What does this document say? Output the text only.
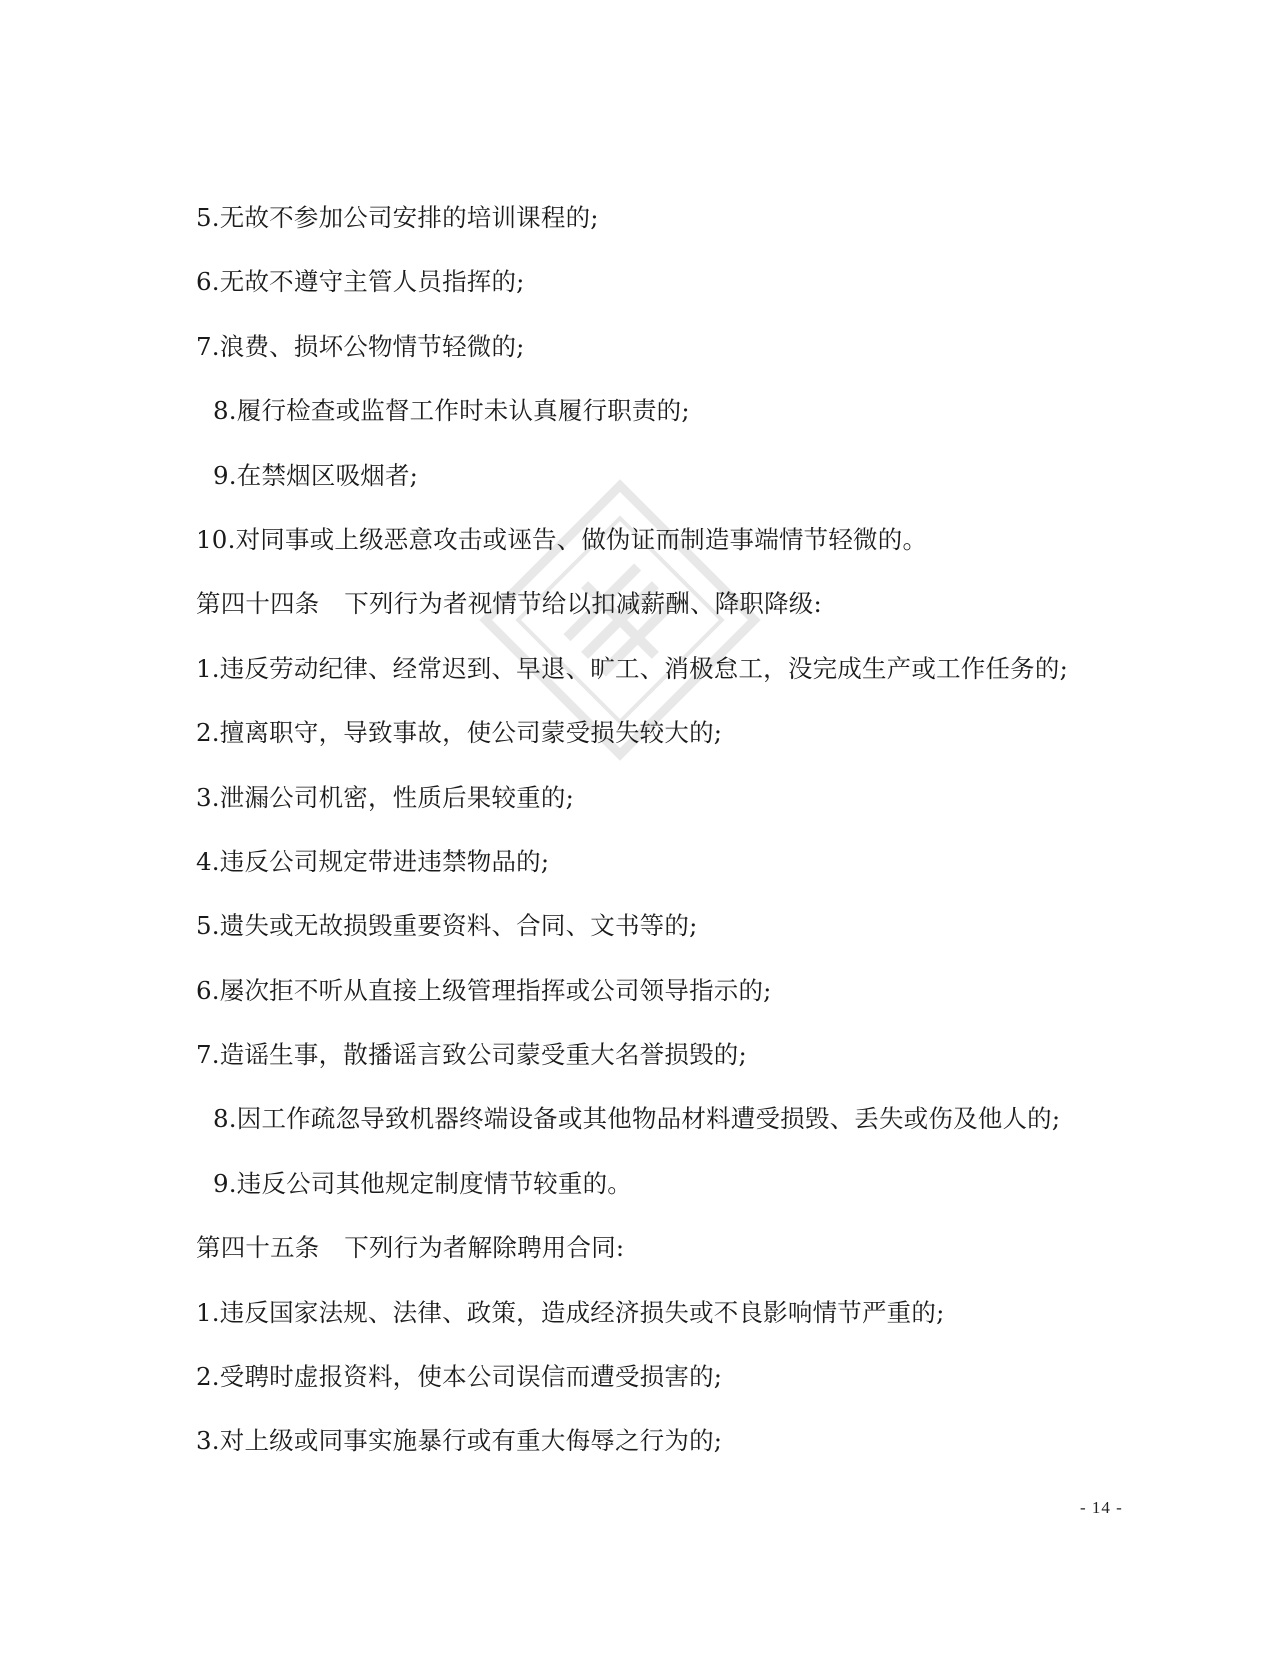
5.无故不参加公司安排的培训课程的;
6.无故不遵守主管人员指挥的;
7.浪费、损坏公物情节轻微的;
8.履行检查或监督工作时未认真履行职责的;
9.在禁烟区吸烟者;
10.对同事或上级恶意攻击或诬告、做伪证而制造事端情节轻微的。
第四十四条　下列行为者视情节给以扣减薪酬、降职降级:
1.违反劳动纪律、经常迟到、早退、旷工、消极怠工，没完成生产或工作任务的;
2.擅离职守，导致事故，使公司蒙受损失较大的;
3.泄漏公司机密，性质后果较重的;
4.违反公司规定带进违禁物品的;
5.遗失或无故损毁重要资料、合同、文书等的;
6.屡次拒不听从直接上级管理指挥或公司领导指示的;
7.造谣生事，散播谣言致公司蒙受重大名誉损毁的;
8.因工作疏忽导致机器终端设备或其他物品材料遭受损毁、丢失或伤及他人的;
9.违反公司其他规定制度情节较重的。
第四十五条　下列行为者解除聘用合同:
1.违反国家法规、法律、政策，造成经济损失或不良影响情节严重的;
2.受聘时虚报资料，使本公司误信而遭受损害的;
3.对上级或同事实施暴行或有重大侮辱之行为的;
- 14 -
